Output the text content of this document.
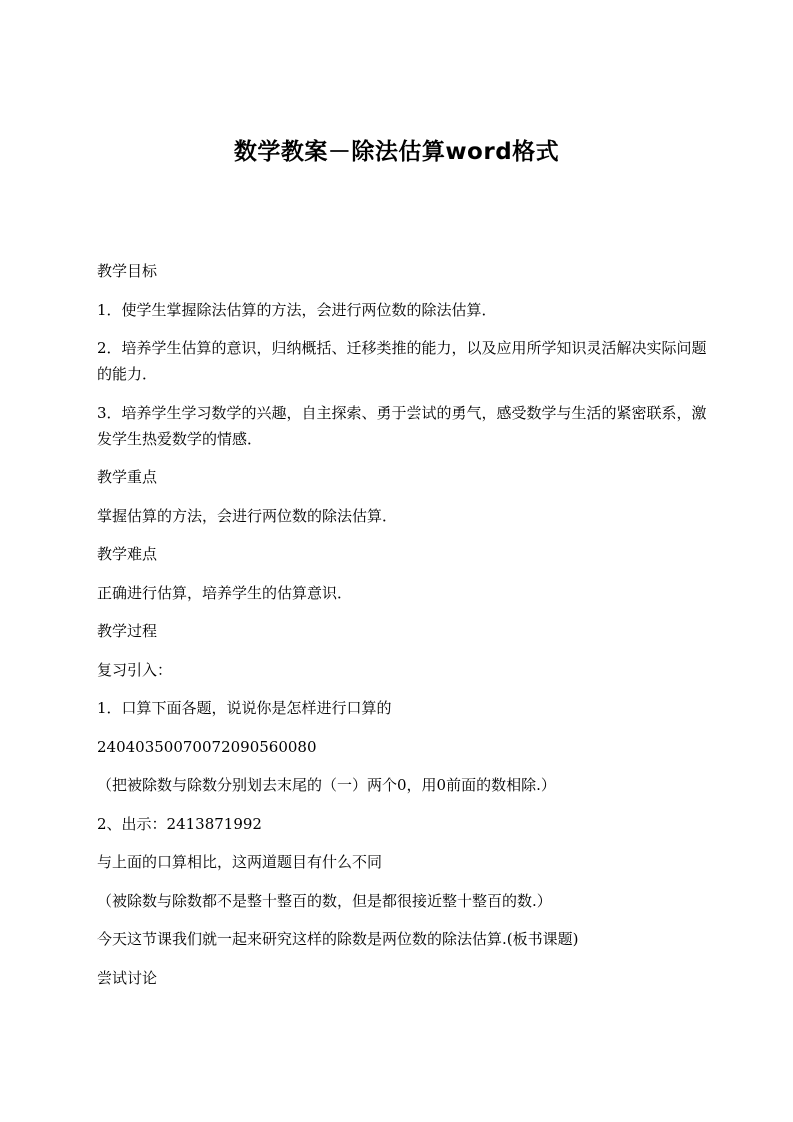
数学教案－除法估算word格式

教学目标

1．使学生掌握除法估算的方法，会进行两位数的除法估算．

2．培养学生估算的意识，归纳概括、迁移类推的能力，以及应用所学知识灵活解决实际问题的能力．

3．培养学生学习数学的兴趣，自主探索、勇于尝试的勇气，感受数学与生活的紧密联系，激发学生热爱数学的情感．

教学重点

掌握估算的方法，会进行两位数的除法估算．

教学难点

正确进行估算，培养学生的估算意识．

教学过程

复习引入：

1．口算下面各题，说说你是怎样进行口算的

24040350070072090560080

（把被除数与除数分别划去末尾的（一）两个0，用0前面的数相除.）

2、出示：2413871992

与上面的口算相比，这两道题目有什么不同

（被除数与除数都不是整十整百的数，但是都很接近整十整百的数.）

今天这节课我们就一起来研究这样的除数是两位数的除法估算.(板书课题)

尝试讨论
